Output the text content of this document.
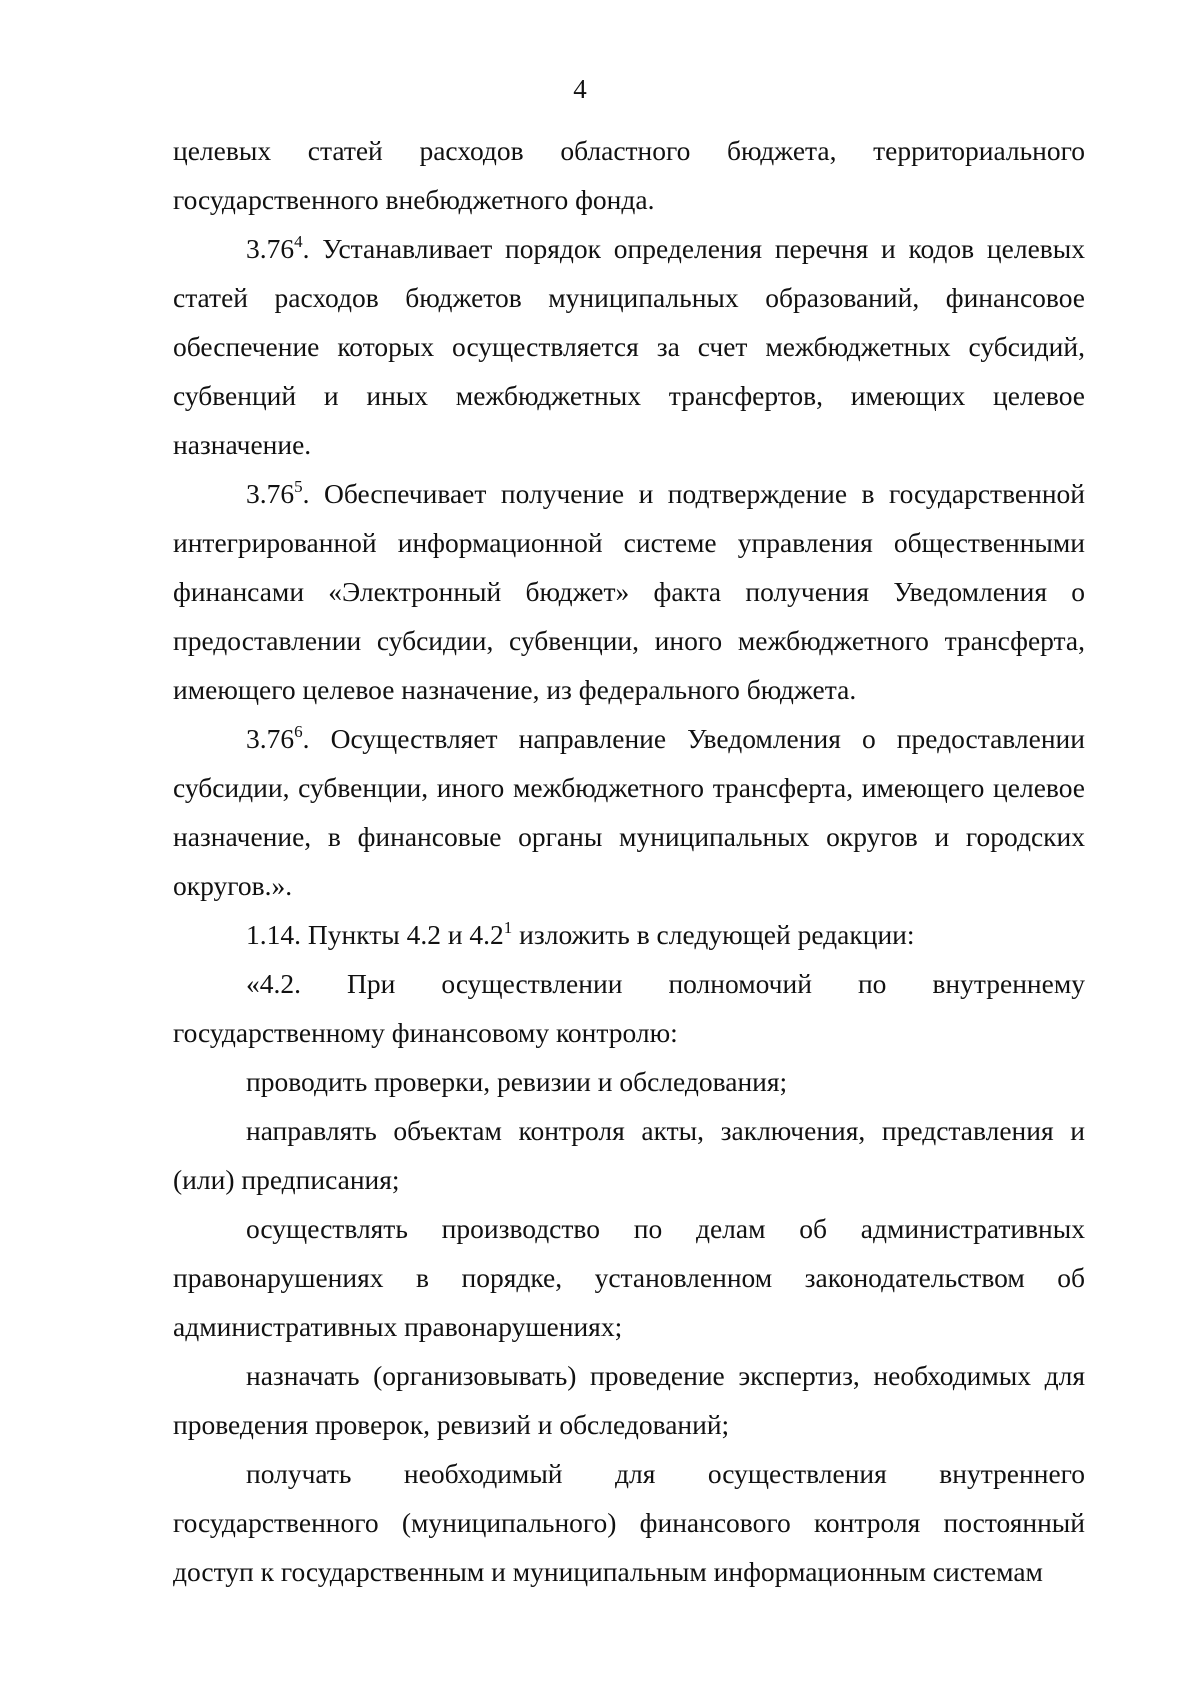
4

целевых статей расходов областного бюджета, территориального государственного внебюджетного фонда.

3.76$^4$. Устанавливает порядок определения перечня и кодов целевых статей расходов бюджетов муниципальных образований, финансовое обеспечение которых осуществляется за счет межбюджетных субсидий, субвенций и иных межбюджетных трансфертов, имеющих целевое назначение.

3.76$^5$. Обеспечивает получение и подтверждение в государственной интегрированной информационной системе управления общественными финансами «Электронный бюджет» факта получения Уведомления о предоставлении субсидии, субвенции, иного межбюджетного трансферта, имеющего целевое назначение, из федерального бюджета.

3.76$^6$. Осуществляет направление Уведомления о предоставлении субсидии, субвенции, иного межбюджетного трансферта, имеющего целевое назначение, в финансовые органы муниципальных округов и городских округов.».

1.14. Пункты 4.2 и $4.2^1$ изложить в следующей редакции:

«4.2. При осуществлении полномочий по внутреннему государственному финансовому контролю:

проводить проверки, ревизии и обследования;

направлять объектам контроля акты, заключения, представления и (или) предписания;

осуществлять производство по делам об административных правонарушениях в порядке, установленном законодательством об административных правонарушениях;

назначать (организовывать) проведение экспертиз, необходимых для проведения проверок, ревизий и обследований;

получать необходимый для осуществления внутреннего государственного (муниципального) финансового контроля постоянный доступ к государственным и муниципальным информационным системам
